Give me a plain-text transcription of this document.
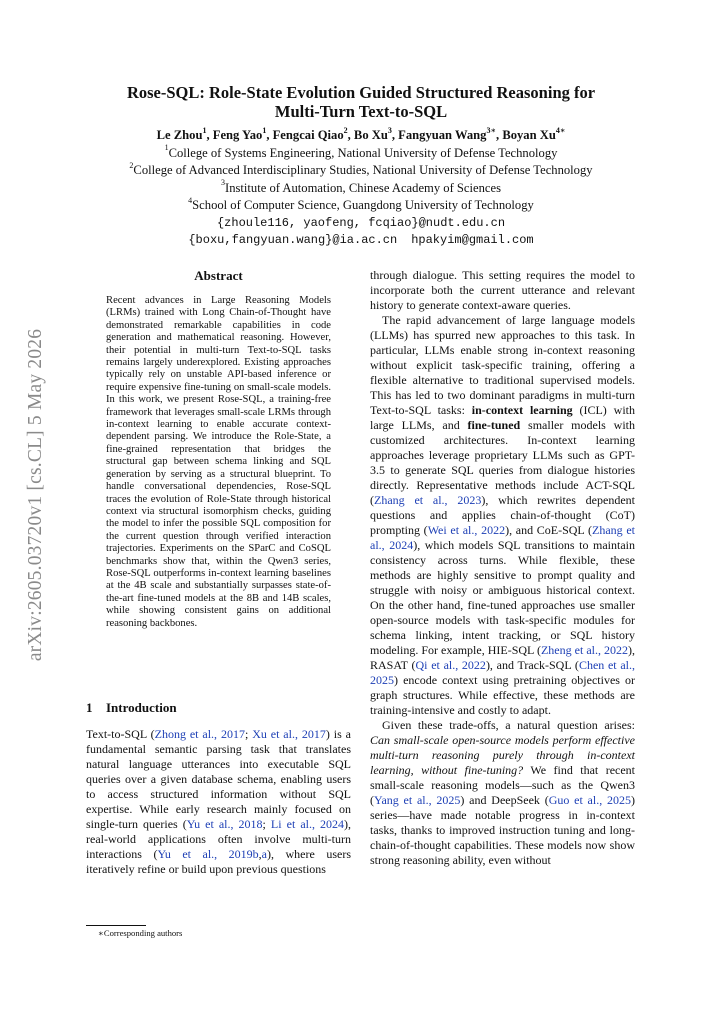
arXiv:2605.03720v1 [cs.CL] 5 May 2026
Rose-SQL: Role-State Evolution Guided Structured Reasoning for
Multi-Turn Text-to-SQL
Le Zhou$^1$, Feng Yao$^1$, Fengcai Qiao$^2$, Bo Xu$^3$, Fangyuan Wang$^{3∗}$, Boyan $Xu^{4∗}$
$^1$College of Systems Engineering, National University of Defense Technology
$^2$College of Advanced Interdisciplinary Studies, National University of Defense Technology
$^3$Institute of Automation, Chinese Academy of Sciences
$^4$School of Computer Science, Guangdong University of Technology
{zhoule116, yaofeng, fcqiao}@nudt.edu.cn
{boxu,fangyuan.wang}@ia.ac.cn hpakyim@gmail.com
Abstract

Recent advances in Large Reasoning Models (LRMs) trained with Long Chain-of-Thought have demonstrated remarkable capabilities in code generation and mathematical reasoning. However, their potential in multi-turn Text-to-SQL tasks remains largely underexplored. Existing approaches typically rely on unstable API-based inference or require expensive fine-tuning on small-scale models. In this work, we present Rose-SQL, a training-free framework that leverages small-scale LRMs through in-context learning to enable accurate context-dependent parsing. We introduce the Role-State, a fine-grained representation that bridges the structural gap between schema linking and SQL generation by serving as a structural blueprint. To handle conversational dependencies, Rose-SQL traces the evolution of Role-State through historical context via structural isomorphism checks, guiding the model to infer the possible SQL composition for the current question through verified interaction trajectories. Experiments on the SParC and CoSQL benchmarks show that, within the Qwen3 series, Rose-SQL outperforms in-context learning baselines at the 4B scale and substantially surpasses state-of-the-art fine-tuned models at the 8B and 14B scales, while showing consistent gains on additional reasoning backbones.

1 Introduction

Text-to-SQL (Zhong et al., 2017; Xu et al., 2017) is a fundamental semantic parsing task that translates natural language utterances into executable SQL queries over a given database schema, enabling users to access structured information without SQL expertise. While early research mainly focused on single-turn queries (Yu et al., 2018; Li et al., 2024), real-world applications often involve multi-turn interactions (Yu et al., 2019b,a), where users iteratively refine or build upon previous questions

through dialogue. This setting requires the model to incorporate both the current utterance and relevant history to generate context-aware queries.

The rapid advancement of large language models (LLMs) has spurred new approaches to this task. In particular, LLMs enable strong in-context reasoning without explicit task-specific training, offering a flexible alternative to traditional supervised models. This has led to two dominant paradigms in multi-turn Text-to-SQL tasks: in-context learning (ICL) with large LLMs, and fine-tuned smaller models with customized architectures. In-context learning approaches leverage proprietary LLMs such as GPT-3.5 to generate SQL queries from dialogue histories directly. Representative methods include ACT-SQL (Zhang et al., 2023), which rewrites dependent questions and applies chain-of-thought (CoT) prompting (Wei et al., 2022), and CoE-SQL (Zhang et al., 2024), which models SQL transitions to maintain consistency across turns. While flexible, these methods are highly sensitive to prompt quality and struggle with noisy or ambiguous historical context. On the other hand, fine-tuned approaches use smaller open-source models with task-specific modules for schema linking, intent tracking, or SQL history modeling. For example, HIE-SQL (Zheng et al., 2022), RASAT (Qi et al., 2022), and Track-SQL (Chen et al., 2025) encode context using pretraining objectives or graph structures. While effective, these methods are training-intensive and costly to adapt.

Given these trade-offs, a natural question arises: Can small-scale open-source models perform effective multi-turn reasoning purely through in-context learning, without fine-tuning? We find that recent small-scale reasoning models—such as the Qwen3 (Yang et al., 2025) and DeepSeek (Guo et al., 2025) series—have made notable progress in in-context tasks, thanks to improved instruction tuning and long-chain-of-thought capabilities. These models now show strong reasoning ability, even without

∗Corresponding authors
